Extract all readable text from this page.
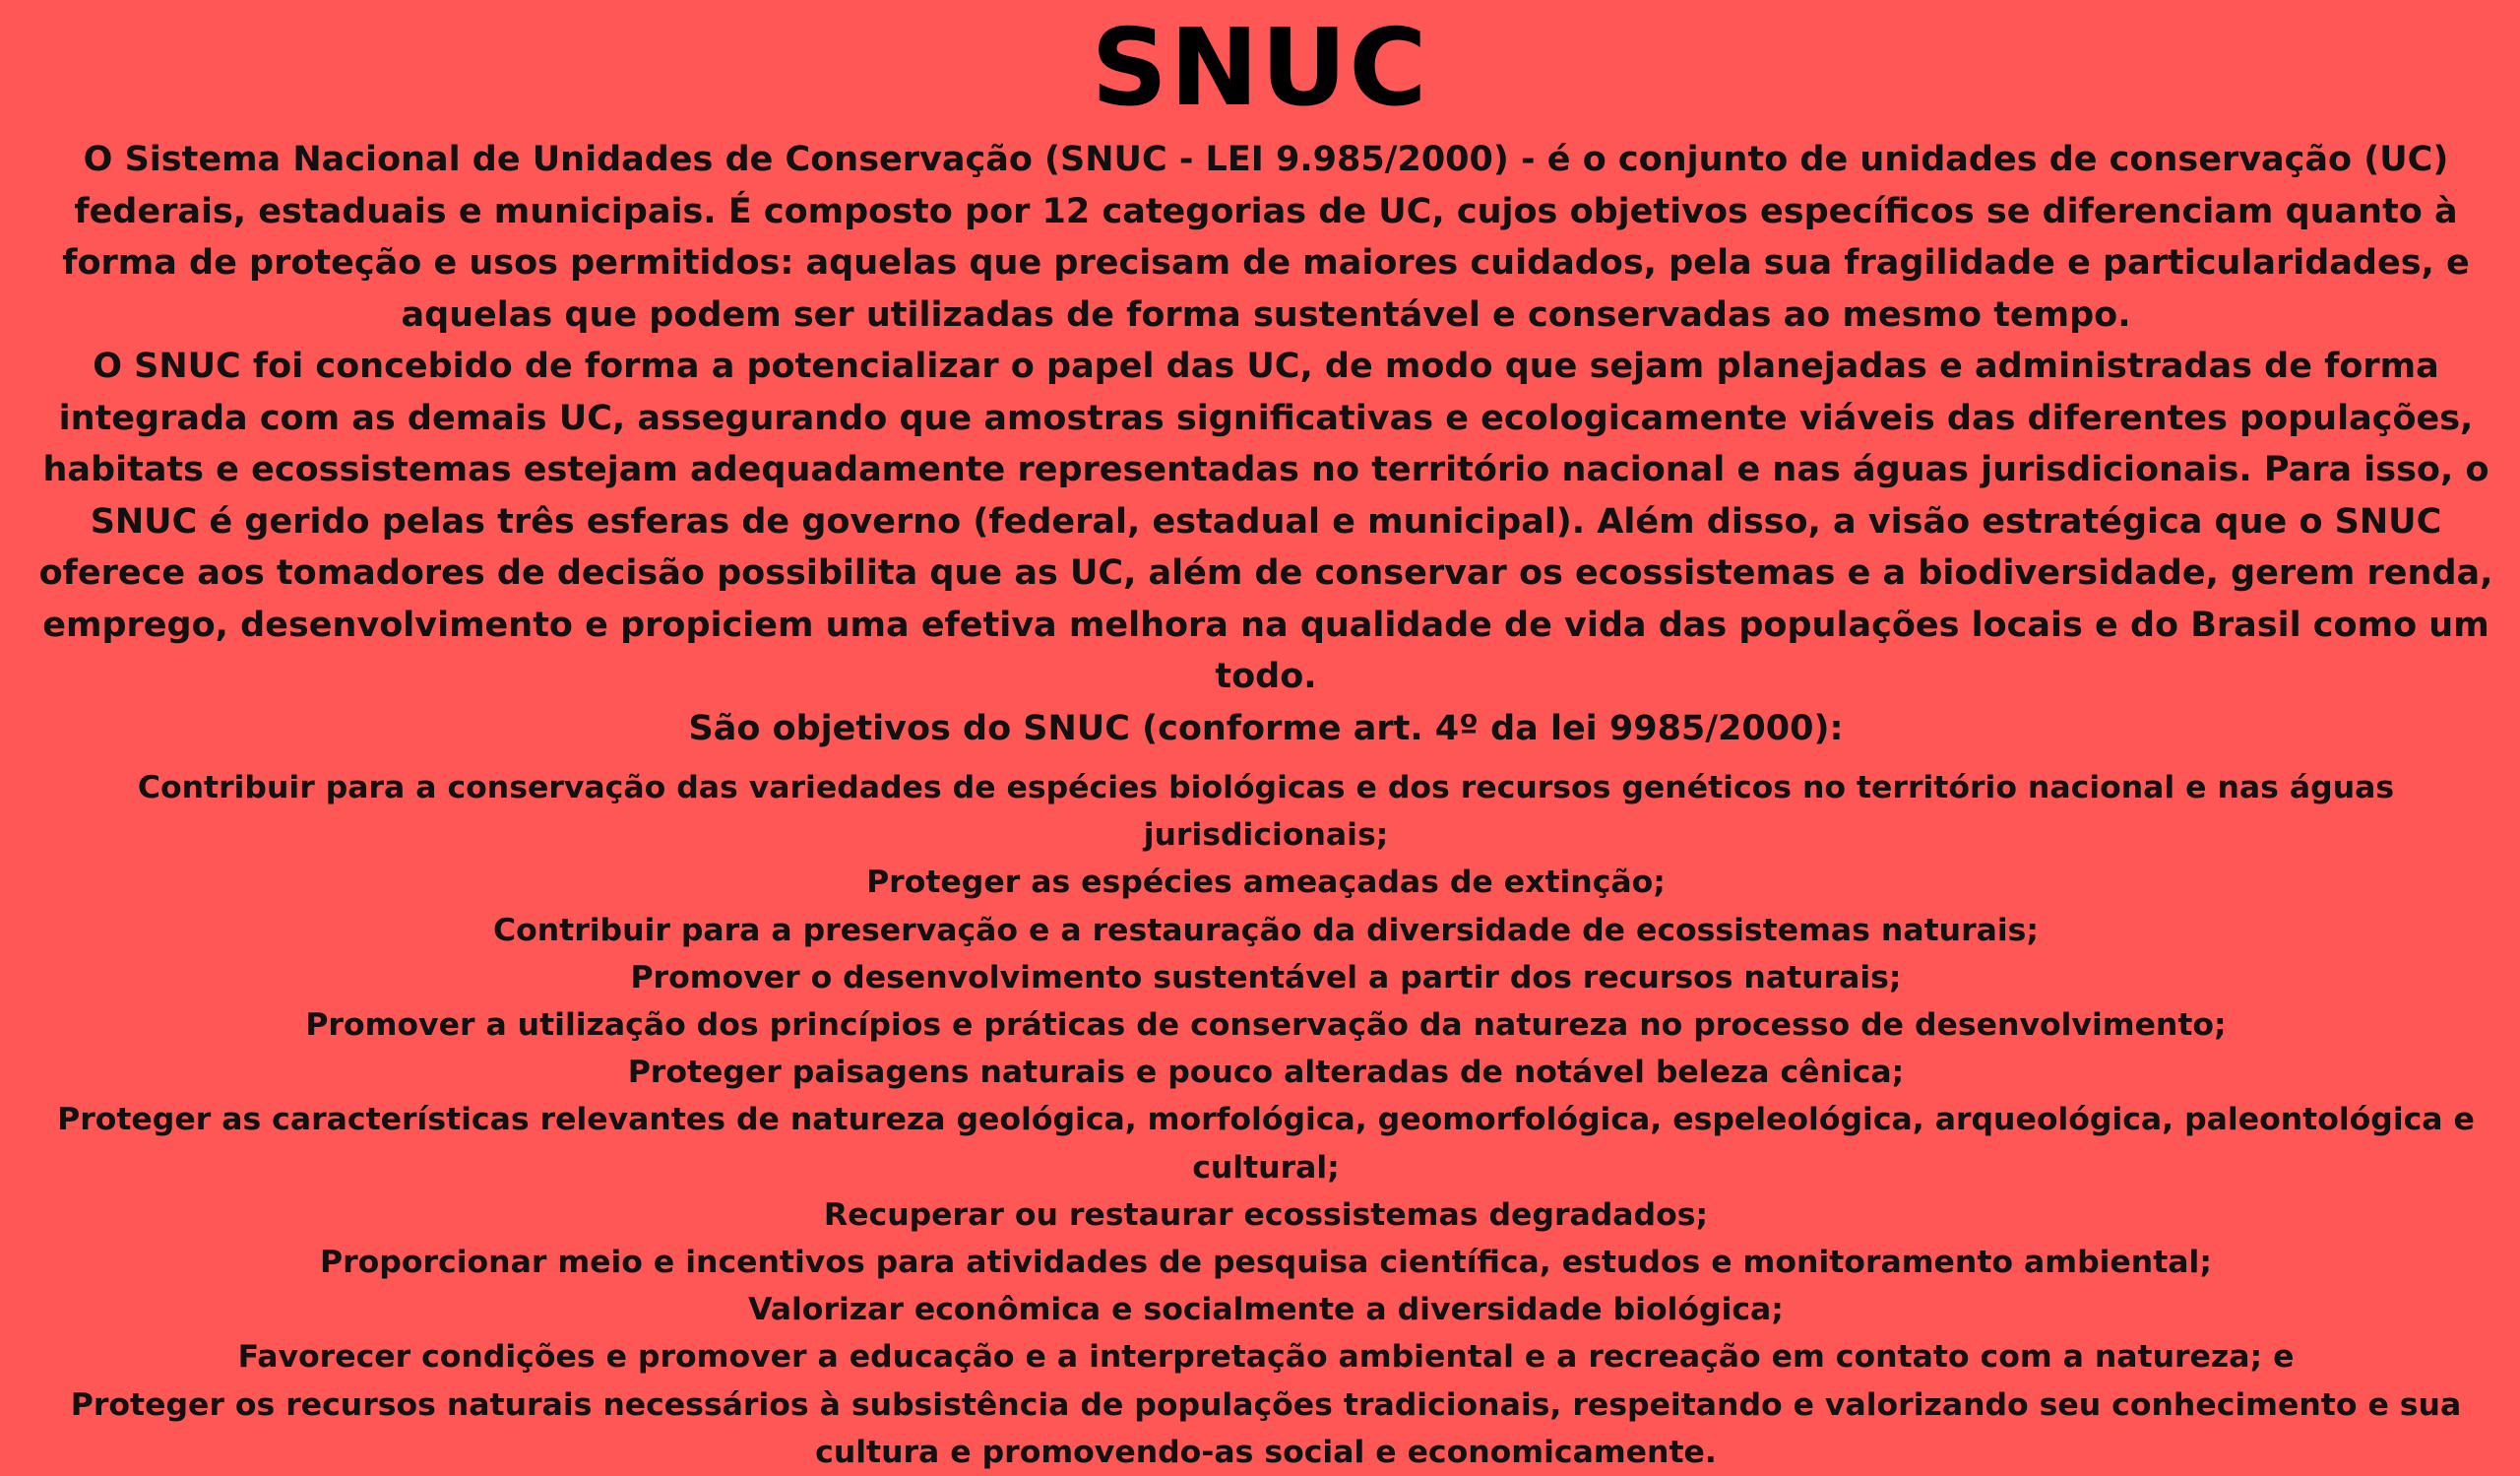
SNUC

O Sistema Nacional de Unidades de Conservação (SNUC - LEI 9.985/2000) - é o conjunto de unidades de conservação (UC) federais, estaduais e municipais. É composto por 12 categorias de UC, cujos objetivos específicos se diferenciam quanto à forma de proteção e usos permitidos: aquelas que precisam de maiores cuidados, pela sua fragilidade e particularidades, e aquelas que podem ser utilizadas de forma sustentável e conservadas ao mesmo tempo.

O SNUC foi concebido de forma a potencializar o papel das UC, de modo que sejam planejadas e administradas de forma integrada com as demais UC, assegurando que amostras significativas e ecologicamente viáveis das diferentes populações, habitats e ecossistemas estejam adequadamente representadas no território nacional e nas águas jurisdicionais. Para isso, o SNUC é gerido pelas três esferas de governo (federal, estadual e municipal). Além disso, a visão estratégica que o SNUC oferece aos tomadores de decisão possibilita que as UC, além de conservar os ecossistemas e a biodiversidade, gerem renda, emprego, desenvolvimento e propiciem uma efetiva melhora na qualidade de vida das populações locais e do Brasil como um todo.

São objetivos do SNUC (conforme art. 4º da lei 9985/2000):

Contribuir para a conservação das variedades de espécies biológicas e dos recursos genéticos no território nacional e nas águas jurisdicionais;
Proteger as espécies ameaçadas de extinção;
Contribuir para a preservação e a restauração da diversidade de ecossistemas naturais;
Promover o desenvolvimento sustentável a partir dos recursos naturais;
Promover a utilização dos princípios e práticas de conservação da natureza no processo de desenvolvimento;
Proteger paisagens naturais e pouco alteradas de notável beleza cênica;
Proteger as características relevantes de natureza geológica, morfológica, geomorfológica, espeleológica, arqueológica, paleontológica e cultural;
Recuperar ou restaurar ecossistemas degradados;
Proporcionar meio e incentivos para atividades de pesquisa científica, estudos e monitoramento ambiental;
Valorizar econômica e socialmente a diversidade biológica;
Favorecer condições e promover a educação e a interpretação ambiental e a recreação em contato com a natureza; e
Proteger os recursos naturais necessários à subsistência de populações tradicionais, respeitando e valorizando seu conhecimento e sua cultura e promovendo-as social e economicamente.
